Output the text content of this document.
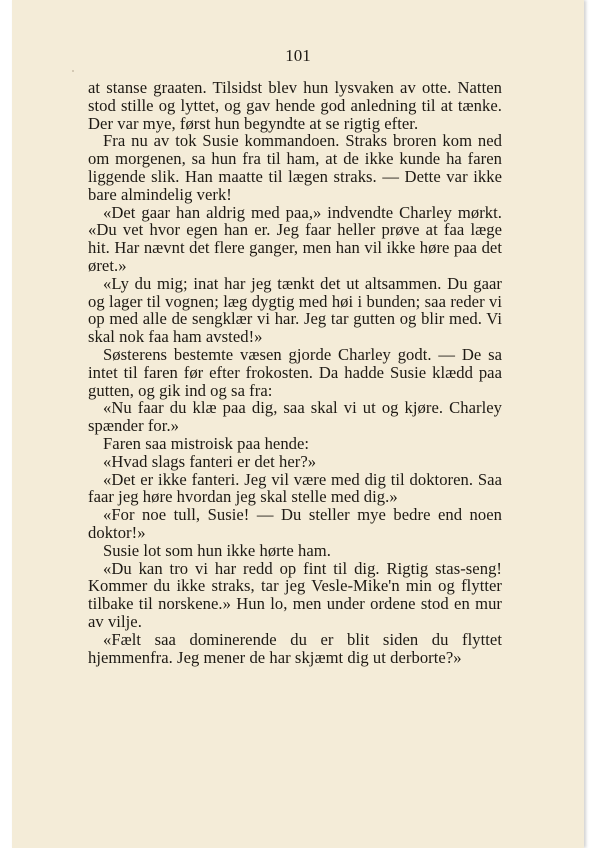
101

at stanse graaten. Tilsidst blev hun lysvaken av otte. Natten stod stille og lyttet, og gav hende god anledning til at tænke. Der var mye, først hun begyndte at se rigtig efter.

Fra nu av tok Susie kommandoen. Straks broren kom ned om morgenen, sa hun fra til ham, at de ikke kunde ha faren liggende slik. Han maatte til lægen straks. — Dette var ikke bare almindelig verk!

«Det gaar han aldrig med paa,» indvendte Charley mørkt. «Du vet hvor egen han er. Jeg faar heller prøve at faa læge hit. Har nævnt det flere ganger, men han vil ikke høre paa det øret.»

«Ly du mig; inat har jeg tænkt det ut altsammen. Du gaar og lager til vognen; læg dygtig med høi i bunden; saa reder vi op med alle de sengklær vi har. Jeg tar gutten og blir med. Vi skal nok faa ham avsted!»

Søsterens bestemte væsen gjorde Charley godt. — De sa intet til faren før efter frokosten. Da hadde Susie klædd paa gutten, og gik ind og sa fra:

«Nu faar du klæ paa dig, saa skal vi ut og kjøre. Charley spænder for.»

Faren saa mistroisk paa hende:

«Hvad slags fanteri er det her?»

«Det er ikke fanteri. Jeg vil være med dig til doktoren. Saa faar jeg høre hvordan jeg skal stelle med dig.»

«For noe tull, Susie! — Du steller mye bedre end noen doktor!»

Susie lot som hun ikke hørte ham.

«Du kan tro vi har redd op fint til dig. Rigtig stas-seng! Kommer du ikke straks, tar jeg Vesle-Mike'n min og flytter tilbake til norskene.» Hun lo, men under ordene stod en mur av vilje.

«Fælt saa dominerende du er blit siden du flyttet hjemmenfra. Jeg mener de har skjæmt dig ut derborte?»
